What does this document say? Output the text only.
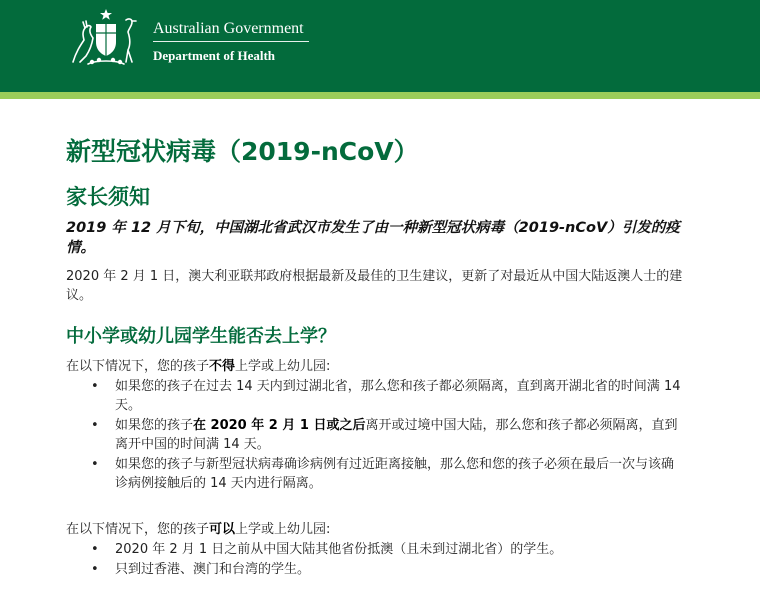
Australian Government
Department of Health
新型冠状病毒（2019-nCoV）
家长须知

2019 年 12 月下旬，中国湖北省武汉市发生了由一种新型冠状病毒（2019-nCoV）引发的疫情。

2020 年 2 月 1 日，澳大利亚联邦政府根据最新及最佳的卫生建议，更新了对最近从中国大陆返澳人士的建议。

中小学或幼儿园学生能否去上学？

在以下情况下，您的孩子不得上学或上幼儿园:

• 如果您的孩子在过去 14 天内到过湖北省，那么您和孩子都必须隔离，直到离开湖北省的时间满 14 天。
• 如果您的孩子在 2020 年 2 月 1 日或之后离开或过境中国大陆，那么您和孩子都必须隔离，直到离开中国的时间满 14 天。
• 如果您的孩子与新型冠状病毒确诊病例有过近距离接触，那么您和您的孩子必须在最后一次与该确诊病例接触后的 14 天内进行隔离。

在以下情况下，您的孩子可以上学或上幼儿园:

• 2020 年 2 月 1 日之前从中国大陆其他省份抵澳（且未到过湖北省）的学生。
• 只到过香港、澳门和台湾的学生。
